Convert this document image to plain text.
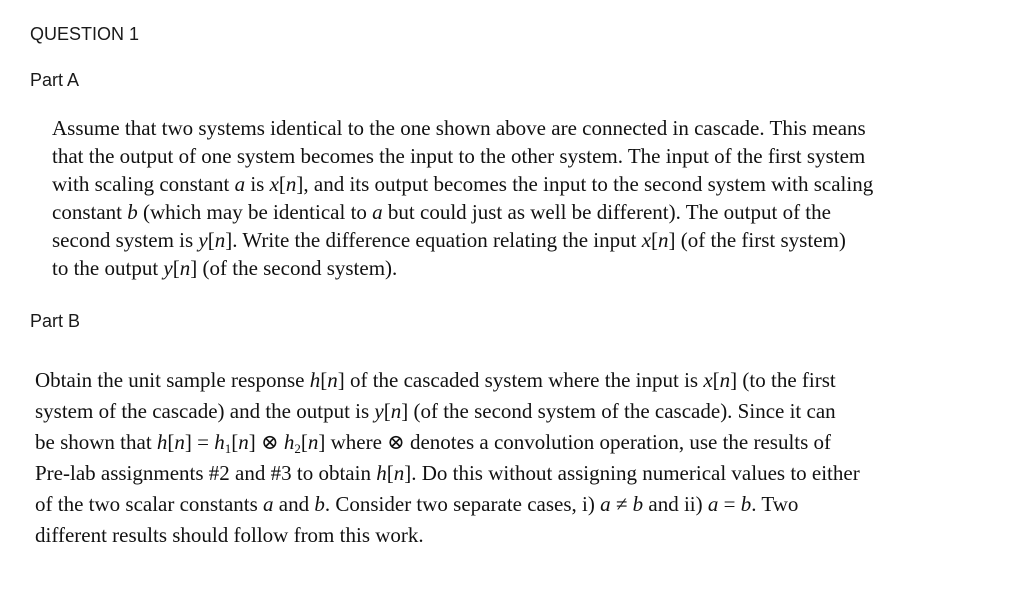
QUESTION 1
Part A
Assume that two systems identical to the one shown above are connected in cascade. This means
that the output of one system becomes the input to the other system. The input of the first system
with scaling constant a is x[n], and its output becomes the input to the second system with scaling
constant b (which may be identical to a but could just as well be different). The output of the
second system is y[n]. Write the difference equation relating the input x[n] (of the first system)
to the output y[n] (of the second system).
Part B
Obtain the unit sample response h[n] of the cascaded system where the input is x[n] (to the first
system of the cascade) and the output is y[n] (of the second system of the cascade). Since it can
be shown that $h[n] = h_1[n]$ ⊗ $h_2[n]$ where ⊗ denotes a convolution operation, use the results of
Pre-lab assignments #2 and #3 to obtain h[n]. Do this without assigning numerical values to either
of the two scalar constants a and b. Consider two separate cases, i) a ≠ b and ii) a = b. Two
different results should follow from this work.
